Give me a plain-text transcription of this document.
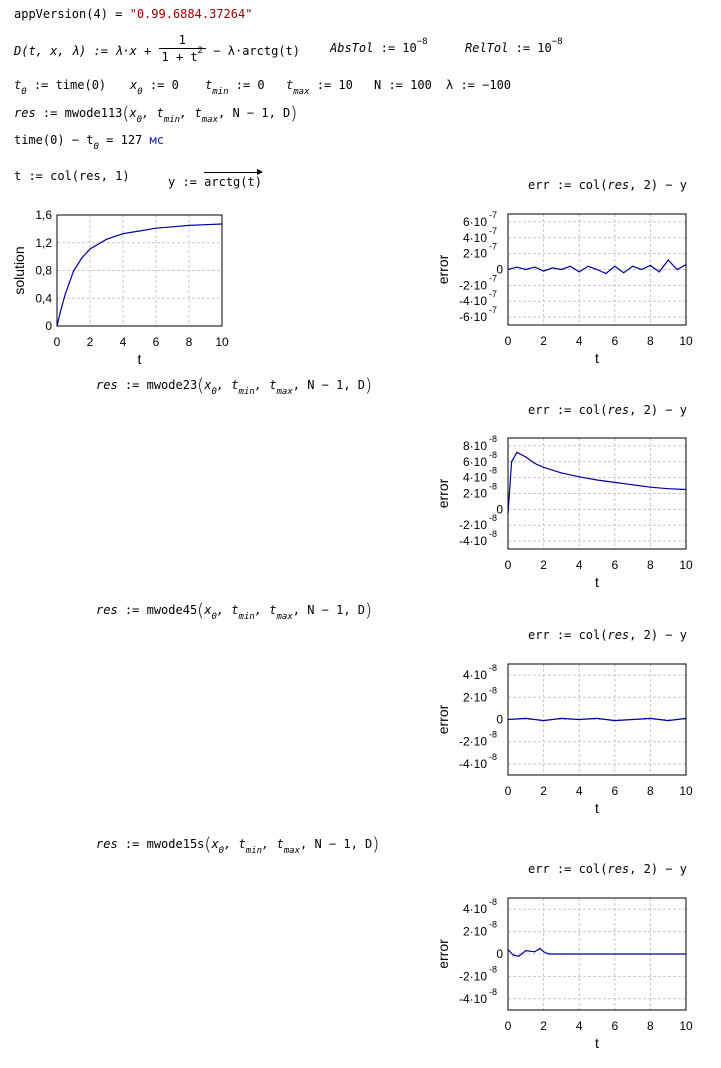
appVersion(4) = "0.99.6884.37264"
D(t, x, λ) := $\lambda\cdot x + \frac{1}{1 + t^2}$ − λ·arctg(t)	AbsTol := $10^{-8}$	RelTol := $10^{-8}$
$t_0$ := time(0) $x_0$ := 0 $t_{min}$ := 0 $t_{max}$ := 10 N := 100 λ := −100
res := $mwode113(x_0$, $t_{min}$, $t_{max}$, N − 1, D)
time(0) − $t_0 = 127$ мс
t := col(res, 1)	y := arctg(t)	err := col(res, 2) − y
res := $mwode23(x_0$, $t_{min}$, $t_{max}$, N − 1, D)
err := col(res, 2) − y
res := $mwode45(x_0$, $t_{min}$, $t_{max}$, N − 1, D)
err := col(res, 2) − y
res := $mwode15s(x_0$, $t_{min}$, $t_{max}$, N − 1, D)
err := col(res, 2) − y
0 2 4 6 8 10
1,6
1,2
0,8
0,4
0
t
solution
0 2 4 6 8 10
6·10 -7
4·10 -7
2·10 -7
0
-2·10 -7
-4·10 -7
-6·10 -7
t
error
0 2 4 6 8 10
8·10 -8
6·10 -8
4·10 -8
2·10 -8
0
-2·10 -8
-4·10 -8
t
error
0 2 4 6 8 10
4·10 -8
2·10 -8
0
-2·10 -8
-4·10 -8
t
error
0 2 4 6 8 10
4·10 -8
2·10 -8
0
-2·10 -8
-4·10 -8
t
error
